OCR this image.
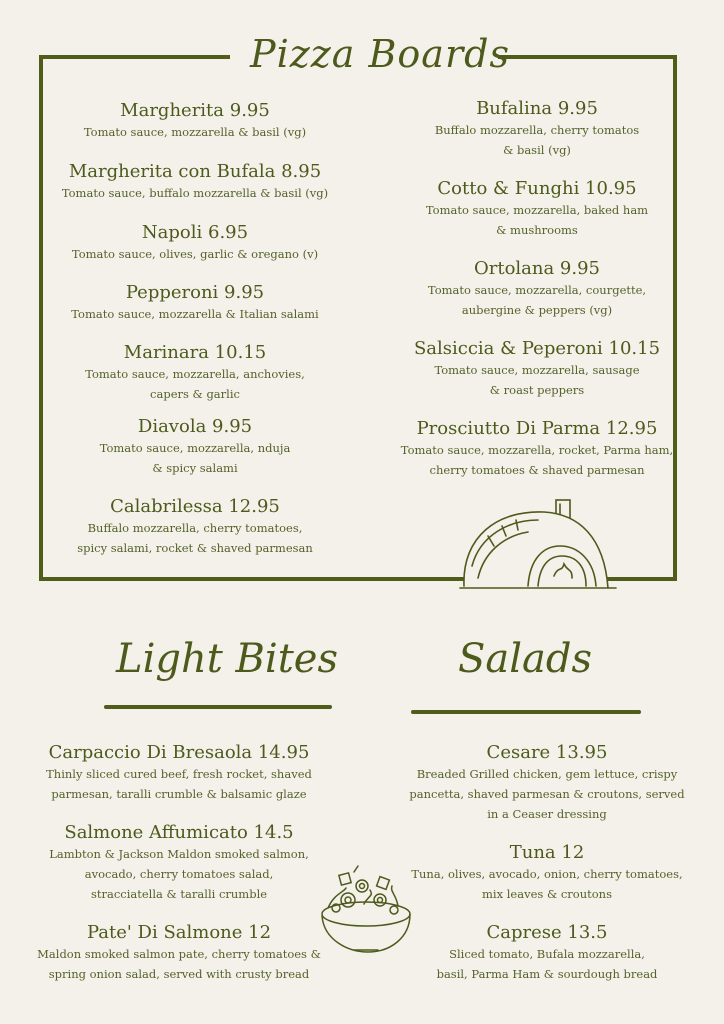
Pizza Boards
Margherita 9.95
Tomato sauce, mozzarella & basil (vg)
Margherita con Bufala 8.95
Tomato sauce, buffalo mozzarella & basil (vg)
Napoli 6.95
Tomato sauce, olives, garlic & oregano (v)
Pepperoni 9.95
Tomato sauce, mozzarella & Italian salami
Marinara 10.15
Tomato sauce, mozzarella, anchovies,
capers & garlic
Diavola 9.95
Tomato sauce, mozzarella, nduja
& spicy salami
Calabrilessa 12.95
Buffalo mozzarella, cherry tomatoes,
spicy salami, rocket & shaved parmesan
Bufalina 9.95
Buffalo mozzarella, cherry tomatos
& basil (vg)
Cotto & Funghi 10.95
Tomato sauce, mozzarella, baked ham
& mushrooms
Ortolana 9.95
Tomato sauce, mozzarella, courgette,
aubergine & peppers (vg)
Salsiccia & Peperoni 10.15
Tomato sauce, mozzarella, sausage
& roast peppers
Prosciutto Di Parma 12.95
Tomato sauce, mozzarella, rocket, Parma ham,
cherry tomatoes & shaved parmesan
Light Bites
Carpaccio Di Bresaola 14.95
Thinly sliced cured beef, fresh rocket, shaved
parmesan, taralli crumble & balsamic glaze
Salmone Affumicato 14.5
Lambton & Jackson Maldon smoked salmon,
avocado, cherry tomatoes salad,
stracciatella & taralli crumble
Pate' Di Salmone 12
Maldon smoked salmon pate, cherry tomatoes &
spring onion salad, served with crusty bread
Salads
Cesare 13.95
Breaded Grilled chicken, gem lettuce, crispy
pancetta, shaved parmesan & croutons, served
in a Ceaser dressing
Tuna 12
Tuna, olives, avocado, onion, cherry tomatoes,
mix leaves & croutons
Caprese 13.5
Sliced tomato, Bufala mozzarella,
basil, Parma Ham & sourdough bread
